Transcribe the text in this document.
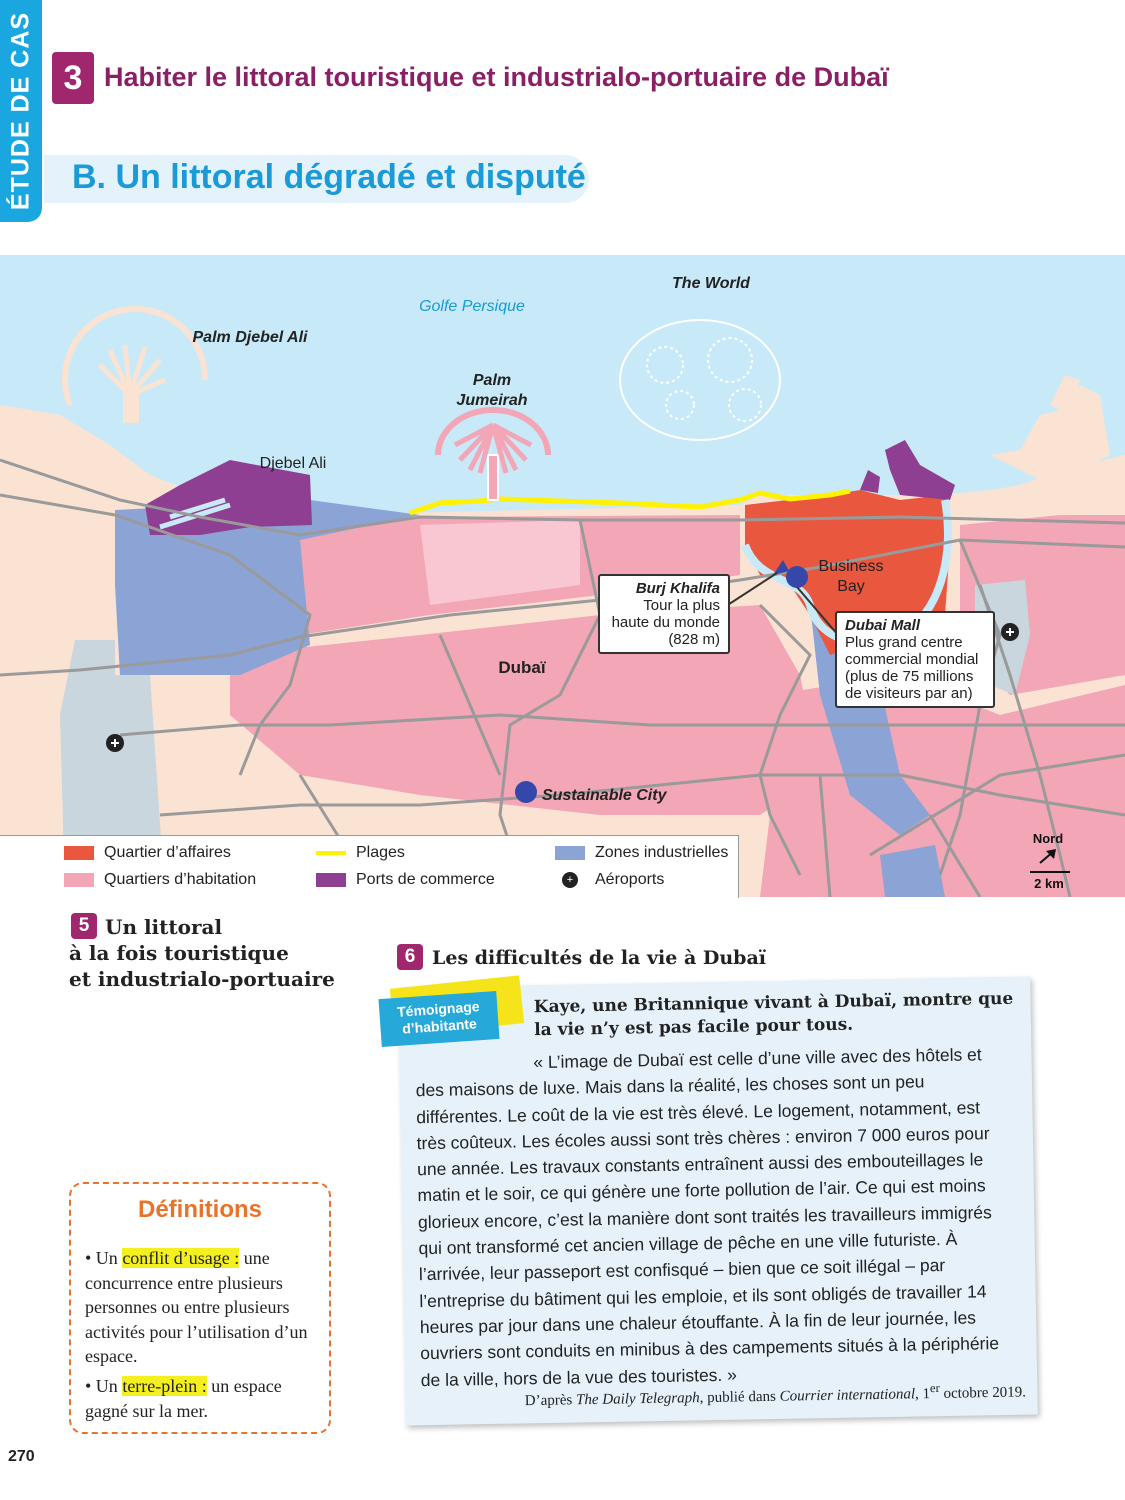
ÉTUDE DE CAS 3 Habiter le littoral touristique et industrialo-portuaire de Dubaï
B. Un littoral dégradé et disputé
Golfe Persique
The World
Palm Djebel Ali
Palm
Jumeirah
Djebel Ali
Dubaï
Business
Bay
Sustainable City
Nord
2 km
Burj Khalifa
Tour la plus
haute du monde
(828 m)
Dubai Mall
Plus grand centre
commercial mondial
(plus de 75 millions
de visiteurs par an)
Quartier d’affaires
Quartiers d’habitation
Plages
Ports de commerce
Zones industrielles
+ Aéroports
5 Un littoral
à la fois touristique
et industrialo-portuaire
6 Les difficultés de la vie à Dubaï
Témoignage
d’habitante
Kaye, une Britannique vivant à Dubaï, montre que la vie n’y est pas facile pour tous.
« L’image de Dubaï est celle d’une ville avec des hôtels et des maisons de luxe. Mais dans la réalité, les choses sont un peu différentes. Le coût de la vie est très élevé. Le logement, notamment, est très coûteux. Les écoles aussi sont très chères : environ 7 000 euros pour une année. Les travaux constants entraînent aussi des embouteillages le matin et le soir, ce qui génère une forte pollution de l’air. Ce qui est moins glorieux encore, c’est la manière dont sont traités les travailleurs immigrés qui ont transformé cet ancien village de pêche en une ville futuriste. À l’arrivée, leur passeport est confisqué – bien que ce soit illégal – par l’entreprise du bâtiment qui les emploie, et ils sont obligés de travailler 14 heures par jour dans une chaleur étouffante. À la fin de leur journée, les ouvriers sont conduits en minibus à des campements situés à la périphérie de la ville, hors de la vue des touristes. »
D’après The Daily Telegraph, publié dans Courrier international, 1er octobre 2019.
Définitions
• Un conflit d’usage : une concurrence entre plusieurs personnes ou entre plusieurs activités pour l’utilisation d’un espace.
• Un terre-plein : un espace gagné sur la mer.
270
